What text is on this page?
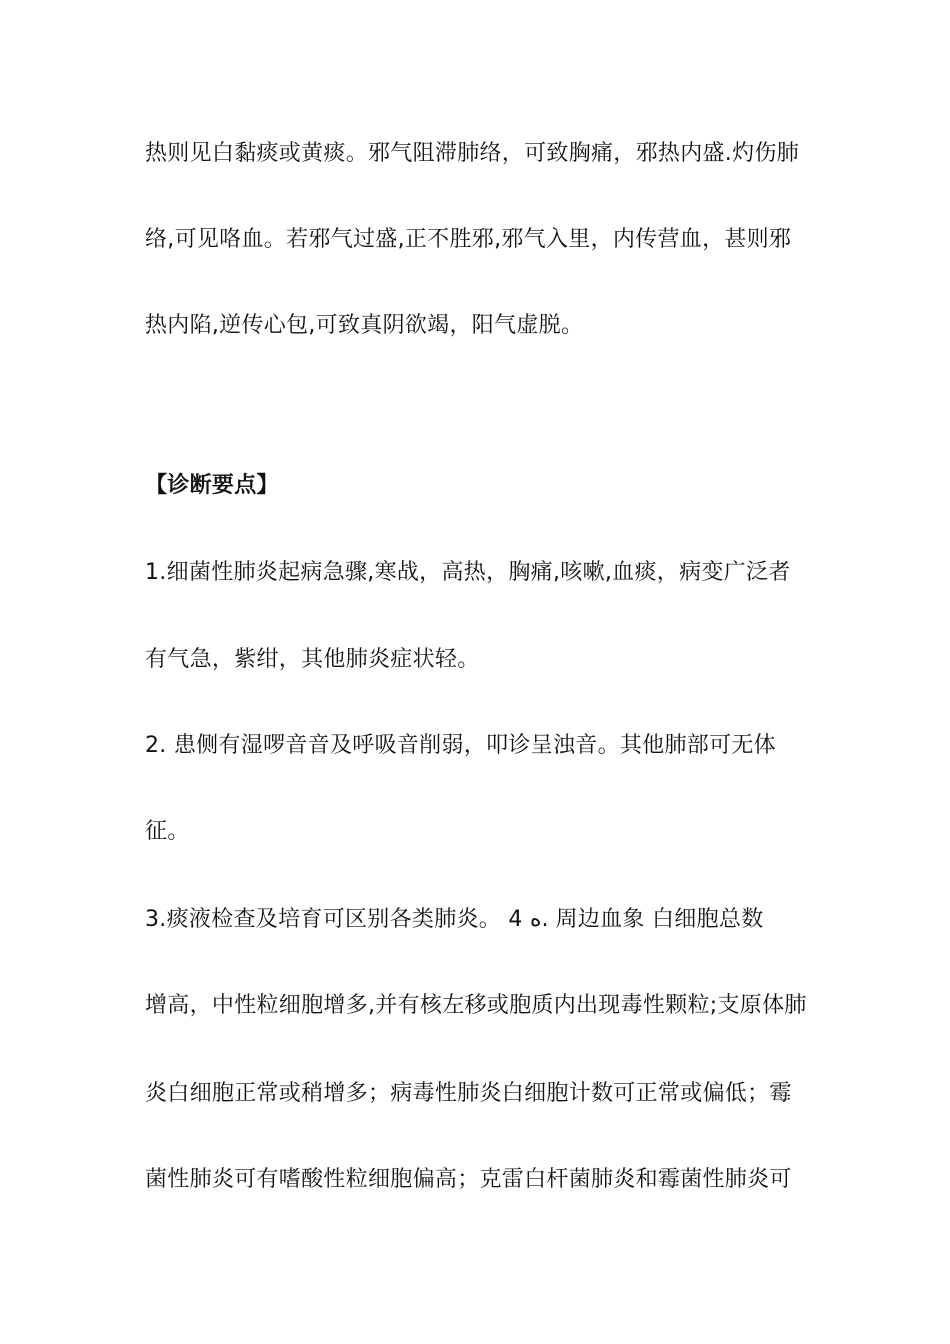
热则见白黏痰或黄痰。邪气阻滞肺络，可致胸痛，邪热内盛.灼伤肺
络,可见咯血。若邪气过盛,正不胜邪,邪气入里，内传营血，甚则邪
热内陷,逆传心包,可致真阴欲竭，阳气虚脱。
【诊断要点】
1.细菌性肺炎起病急骤,寒战，高热，胸痛,咳嗽,血痰，病变广泛者
有气急，紫绀，其他肺炎症状轻。
2. 患侧有湿啰音音及呼吸音削弱，叩诊呈浊音。其他肺部可无体
征。
3.痰液检查及培育可区别各类肺炎。 4 ه. 周边血象 白细胞总数
增高，中性粒细胞增多,并有核左移或胞质内出现毒性颗粒;支原体肺
炎白细胞正常或稍增多；病毒性肺炎白细胞计数可正常或偏低；霉
菌性肺炎可有嗜酸性粒细胞偏高；克雷白杆菌肺炎和霉菌性肺炎可
